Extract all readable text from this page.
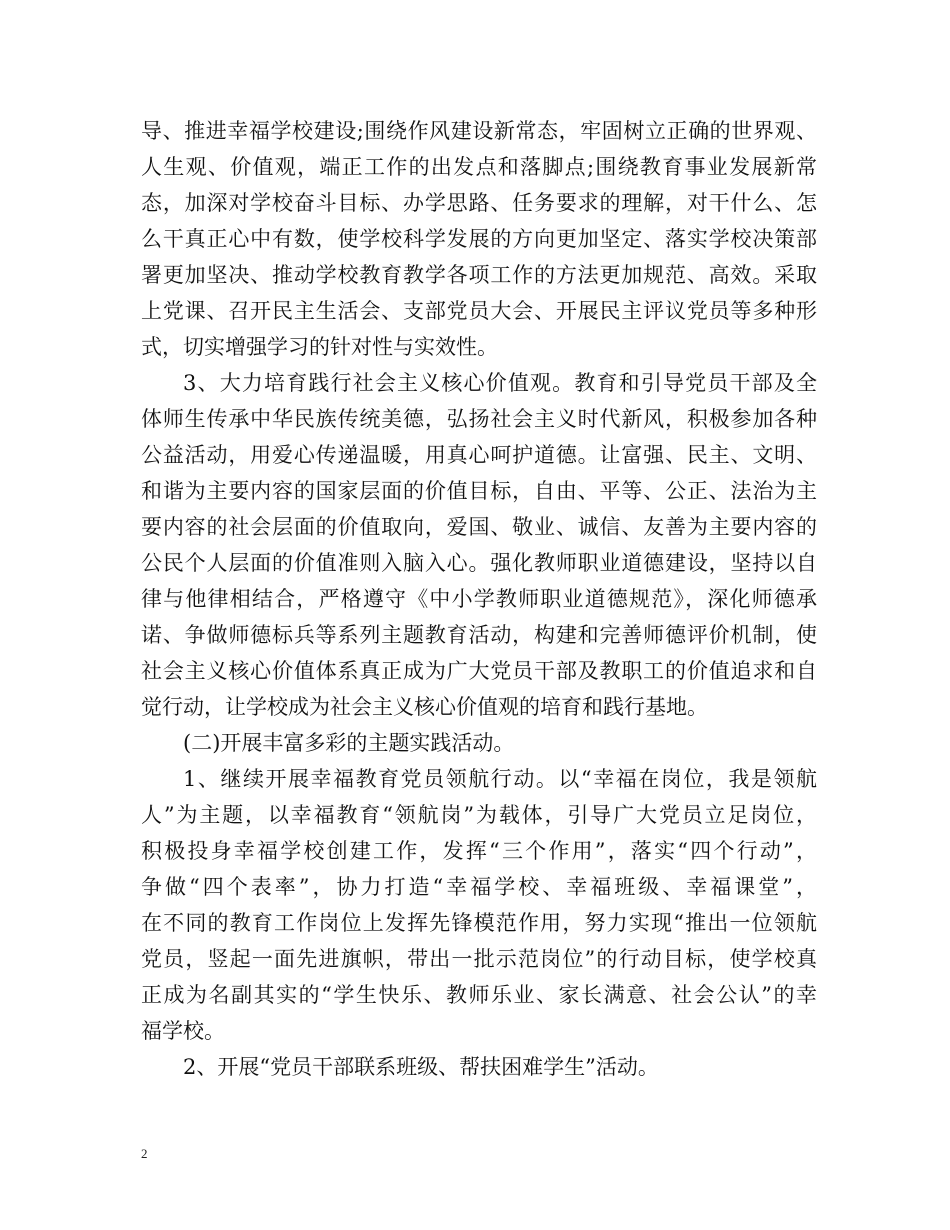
导、推进幸福学校建设;围绕作风建设新常态，牢固树立正确的世界观、
人生观、价值观，端正工作的出发点和落脚点;围绕教育事业发展新常
态，加深对学校奋斗目标、办学思路、任务要求的理解，对干什么、怎
么干真正心中有数，使学校科学发展的方向更加坚定、落实学校决策部
署更加坚决、推动学校教育教学各项工作的方法更加规范、高效。采取
上党课、召开民主生活会、支部党员大会、开展民主评议党员等多种形
式，切实增强学习的针对性与实效性。
3、大力培育践行社会主义核心价值观。教育和引导党员干部及全
体师生传承中华民族传统美德，弘扬社会主义时代新风，积极参加各种
公益活动，用爱心传递温暖，用真心呵护道德。让富强、民主、文明、
和谐为主要内容的国家层面的价值目标，自由、平等、公正、法治为主
要内容的社会层面的价值取向，爱国、敬业、诚信、友善为主要内容的
公民个人层面的价值准则入脑入心。强化教师职业道德建设，坚持以自
律与他律相结合，严格遵守《中小学教师职业道德规范》，深化师德承
诺、争做师德标兵等系列主题教育活动，构建和完善师德评价机制，使
社会主义核心价值体系真正成为广大党员干部及教职工的价值追求和自
觉行动，让学校成为社会主义核心价值观的培育和践行基地。
(二)开展丰富多彩的主题实践活动。
1、继续开展幸福教育党员领航行动。以“幸福在岗位，我是领航
人”为主题，以幸福教育“领航岗”为载体，引导广大党员立足岗位，
积极投身幸福学校创建工作，发挥“三个作用”，落实“四个行动”，
争做“四个表率”，协力打造“幸福学校、幸福班级、幸福课堂”，
在不同的教育工作岗位上发挥先锋模范作用，努力实现“推出一位领航
党员，竖起一面先进旗帜，带出一批示范岗位”的行动目标，使学校真
正成为名副其实的“学生快乐、教师乐业、家长满意、社会公认”的幸
福学校。
2、开展“党员干部联系班级、帮扶困难学生”活动。
2
